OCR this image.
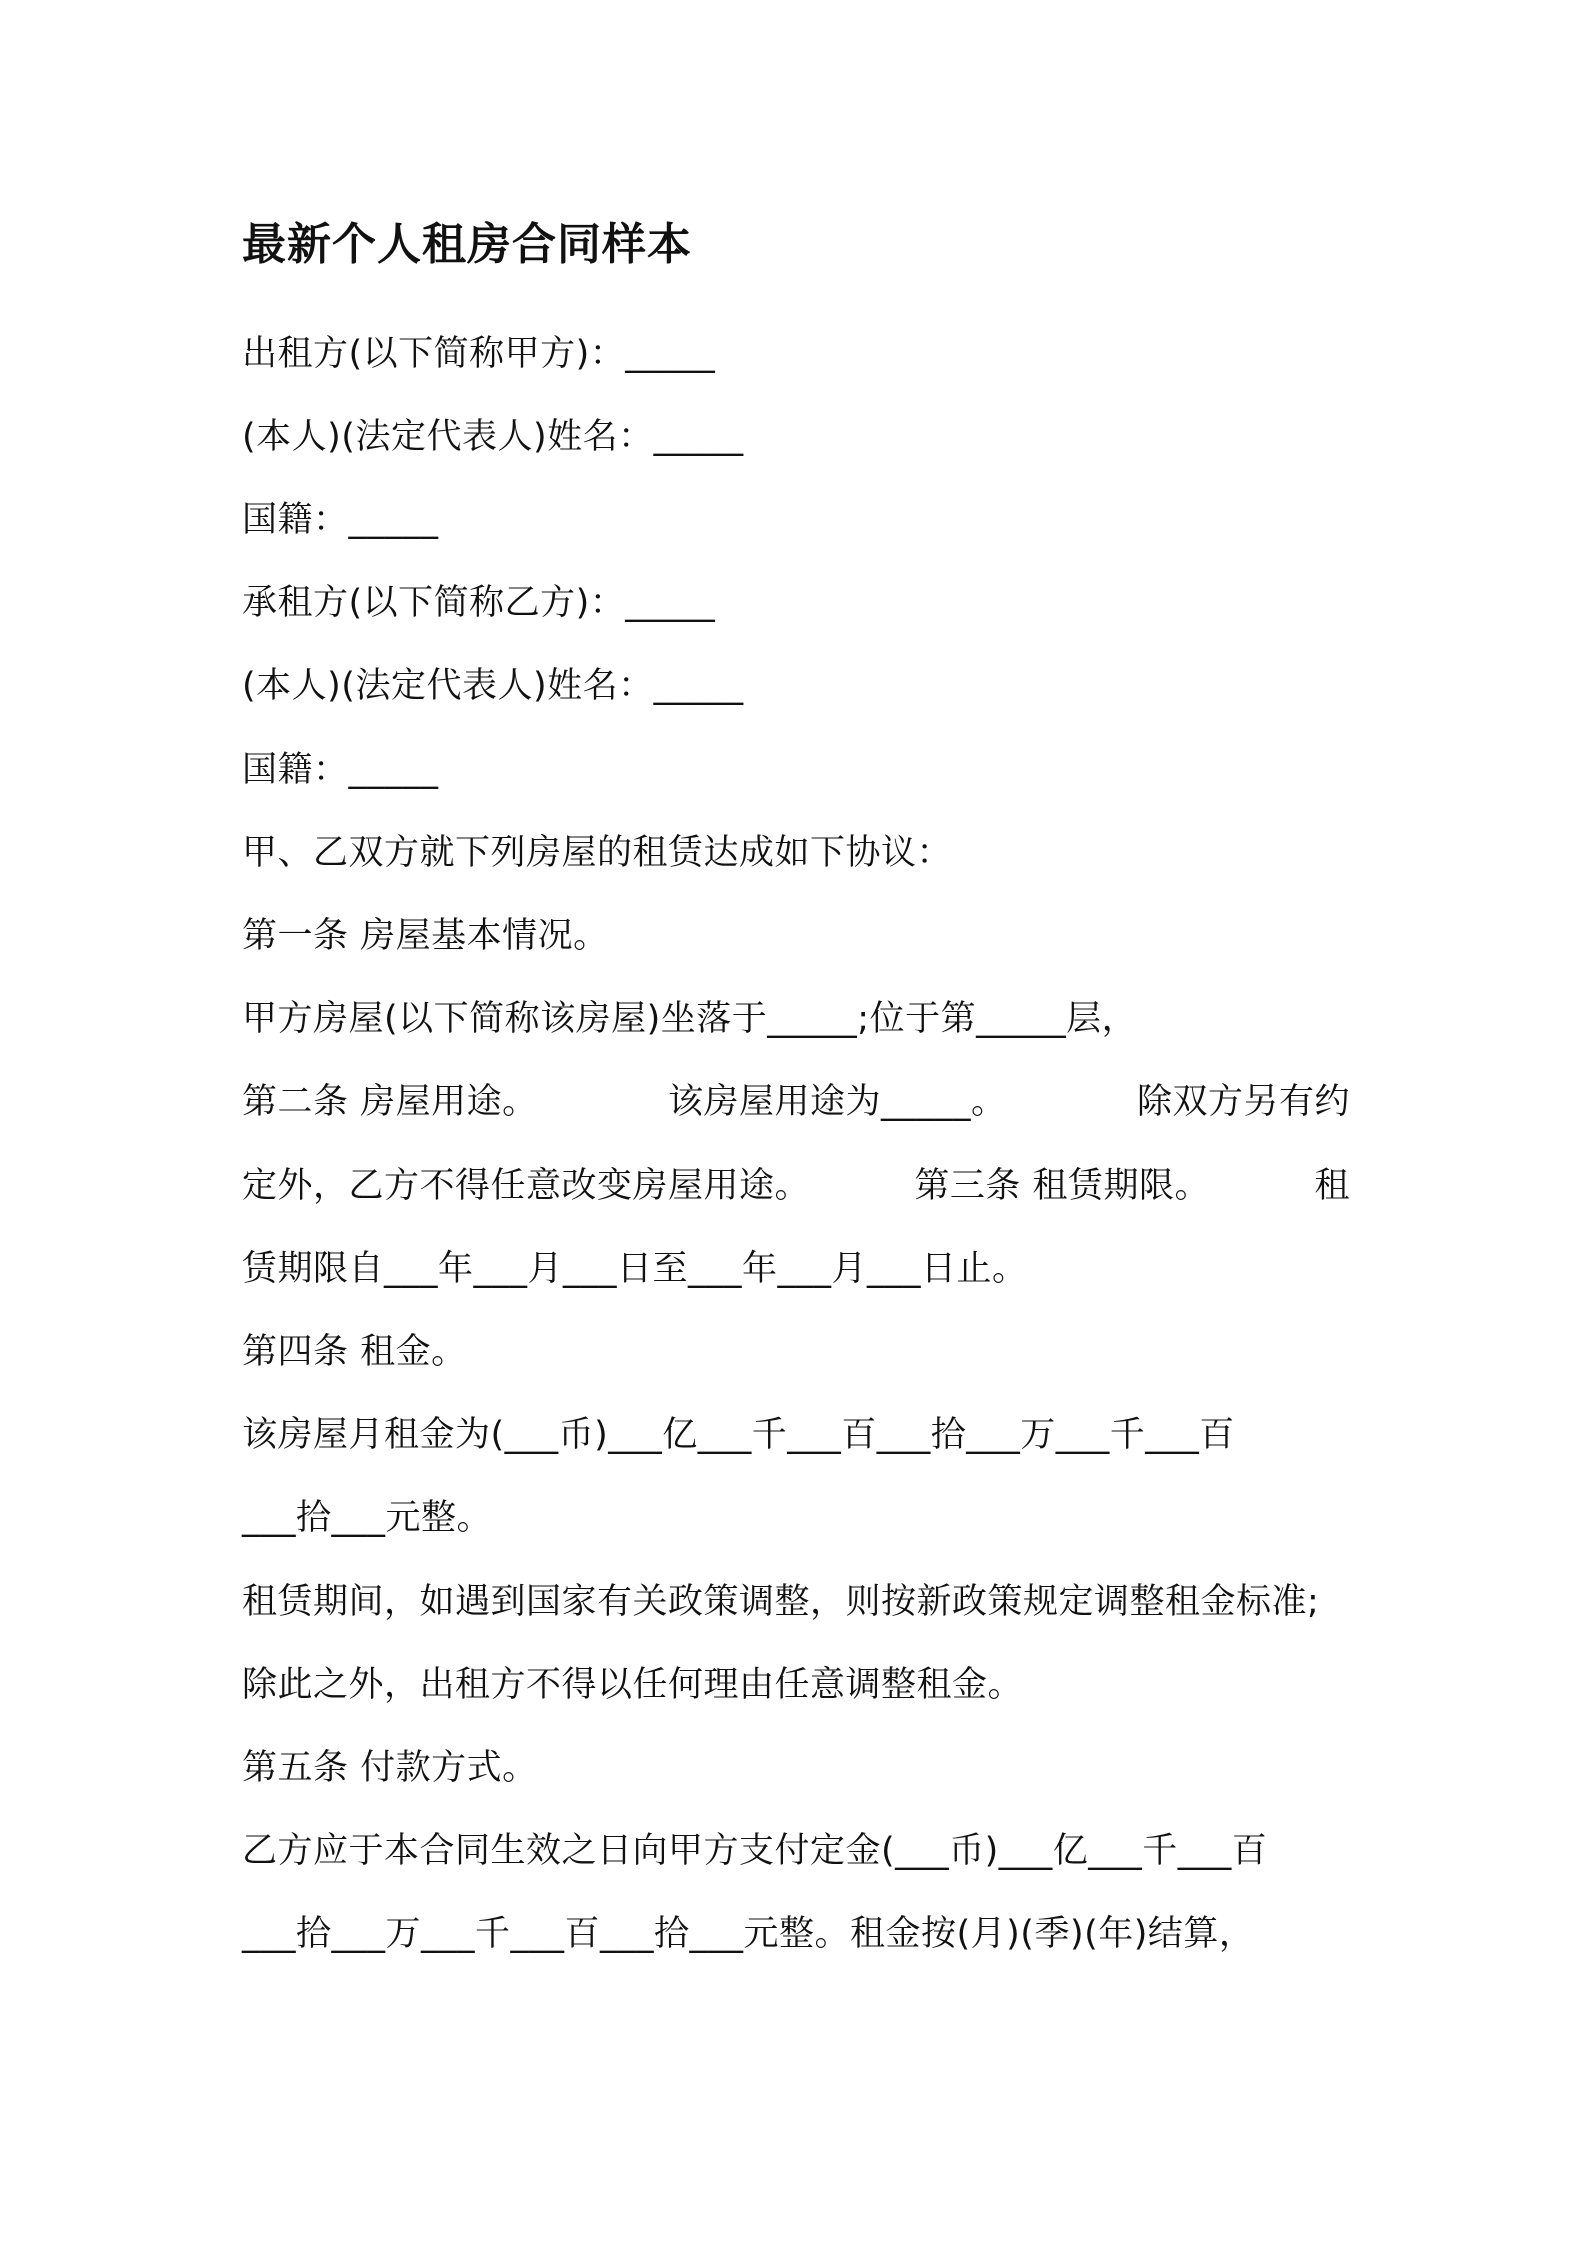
最新个人租房合同样本
出租方(以下简称甲方)：_____
(本人)(法定代表人)姓名：_____
国籍：_____
承租方(以下简称乙方)：_____
(本人)(法定代表人)姓名：_____
国籍：_____
甲、乙双方就下列房屋的租赁达成如下协议：
第一条 房屋基本情况。
甲方房屋(以下简称该房屋)坐落于_____;位于第_____层，
第二条 房屋用途。	该房屋用途为_____。	除双方另有约
定外，乙方不得任意改变房屋用途。	第三条 租赁期限。	租
赁期限自___年___月___日至___年___月___日止。
第四条 租金。
该房屋月租金为(___币)___亿___千___百___拾___万___千___百
___拾___元整。
租赁期间，如遇到国家有关政策调整，则按新政策规定调整租金标准;
除此之外，出租方不得以任何理由任意调整租金。
第五条 付款方式。
乙方应于本合同生效之日向甲方支付定金(___币)___亿___千___百
___拾___万___千___百___拾___元整。租金按(月)(季)(年)结算，
